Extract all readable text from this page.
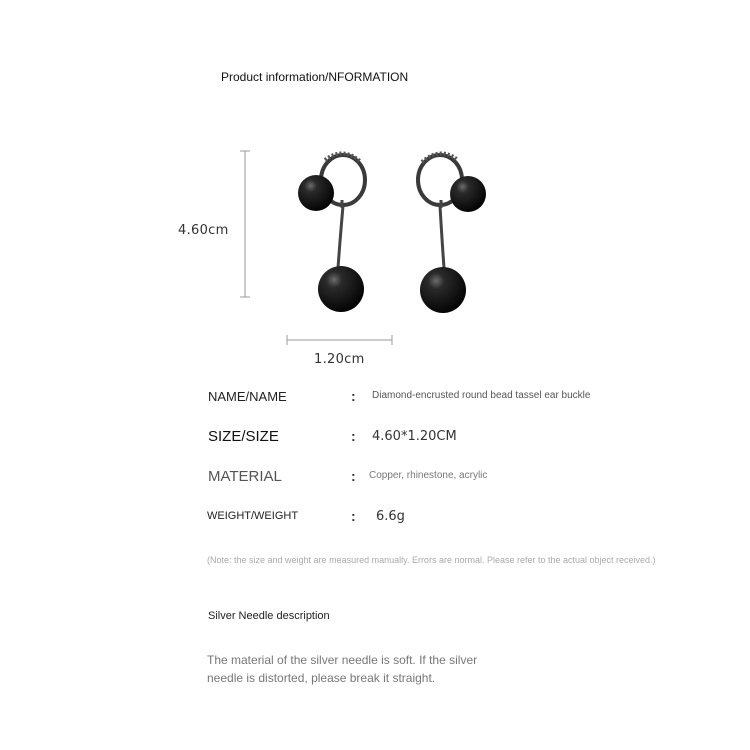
Product information/NFORMATION
4.60cm
1.20cm
NAME/NAME	: Diamond-encrusted round bead tassel ear buckle
SIZE/SIZE	: 4.60*1.20CM
MATERIAL	: Copper, rhinestone, acrylic
WEIGHT/WEIGHT	: 6.6g
(Note: the size and weight are measured manually. Errors are normal. Please refer to the actual object received.)
Silver Needle description
The material of the silver needle is soft. If the silver needle is distorted, please break it straight.
